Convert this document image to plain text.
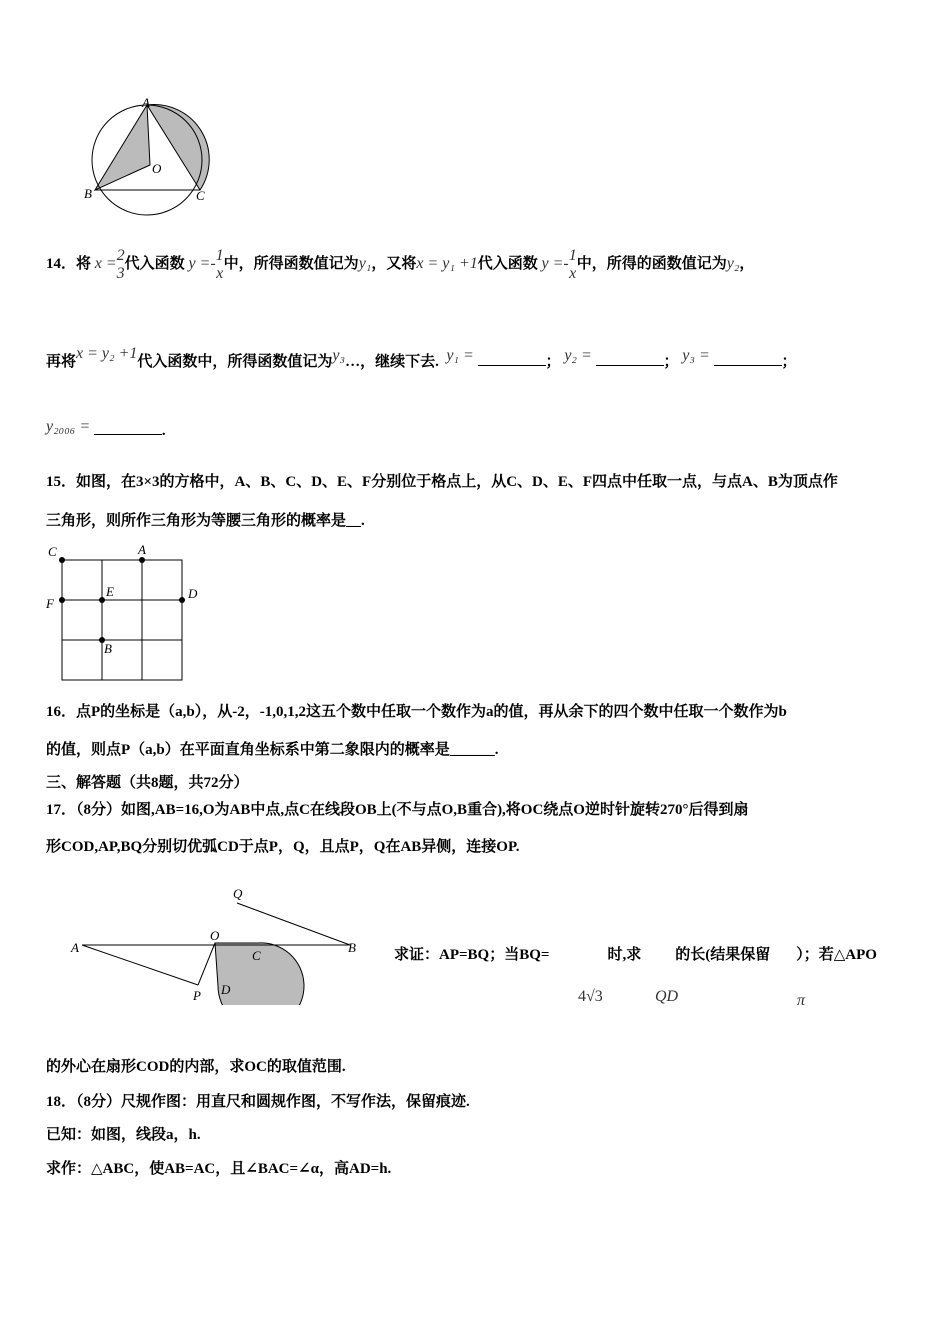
A
B	C
O
14．将 x =2
3代入函数 y =-1
x中，所得函数值记为y₁，又将x = y₁ +1代入函数 y =-1
x中，所得的函数值记为y₂，
再将x = y₂ +1代入函数中，所得函数值记为y₃…，继续下去. y₁ =	； y₂ =	； y₃ =	；
y₂₀₀₆ =	.
15．如图，在3×3的方格中，A、B、C、D、E、F分别位于格点上，从C、D、E、F四点中任取一点，与点A、B为顶点作
三角形，则所作三角形为等腰三角形的概率是__.
C	A
F
E	D
B
16．点P的坐标是（a,b），从-2，-1,0,1,2这五个数中任取一个数作为a的值，再从余下的四个数中任取一个数作为b
的值，则点P（a,b）在平面直角坐标系中第二象限内的概率是______.
三、解答题（共8题，共72分）
17．（8分）如图,AB=16,O为AB中点,点C在线段OB上(不与点O,B重合),将OC绕点O逆时针旋转270°后得到扇
形COD,AP,BQ分别切优弧CD于点P，Q，且点P，Q在AB异侧，连接OP.
Q
O
A
C
B
P D
求证：AP=BQ；当BQ=	时,求 的长(结果保留 ）；若△APO
4√3	QD	π
的外心在扇形COD的内部，求OC的取值范围.
18．（8分）尺规作图：用直尺和圆规作图，不写作法，保留痕迹.
已知：如图，线段a，h.
求作：△ABC，使AB=AC，且∠BAC=∠α，高AD=h.
